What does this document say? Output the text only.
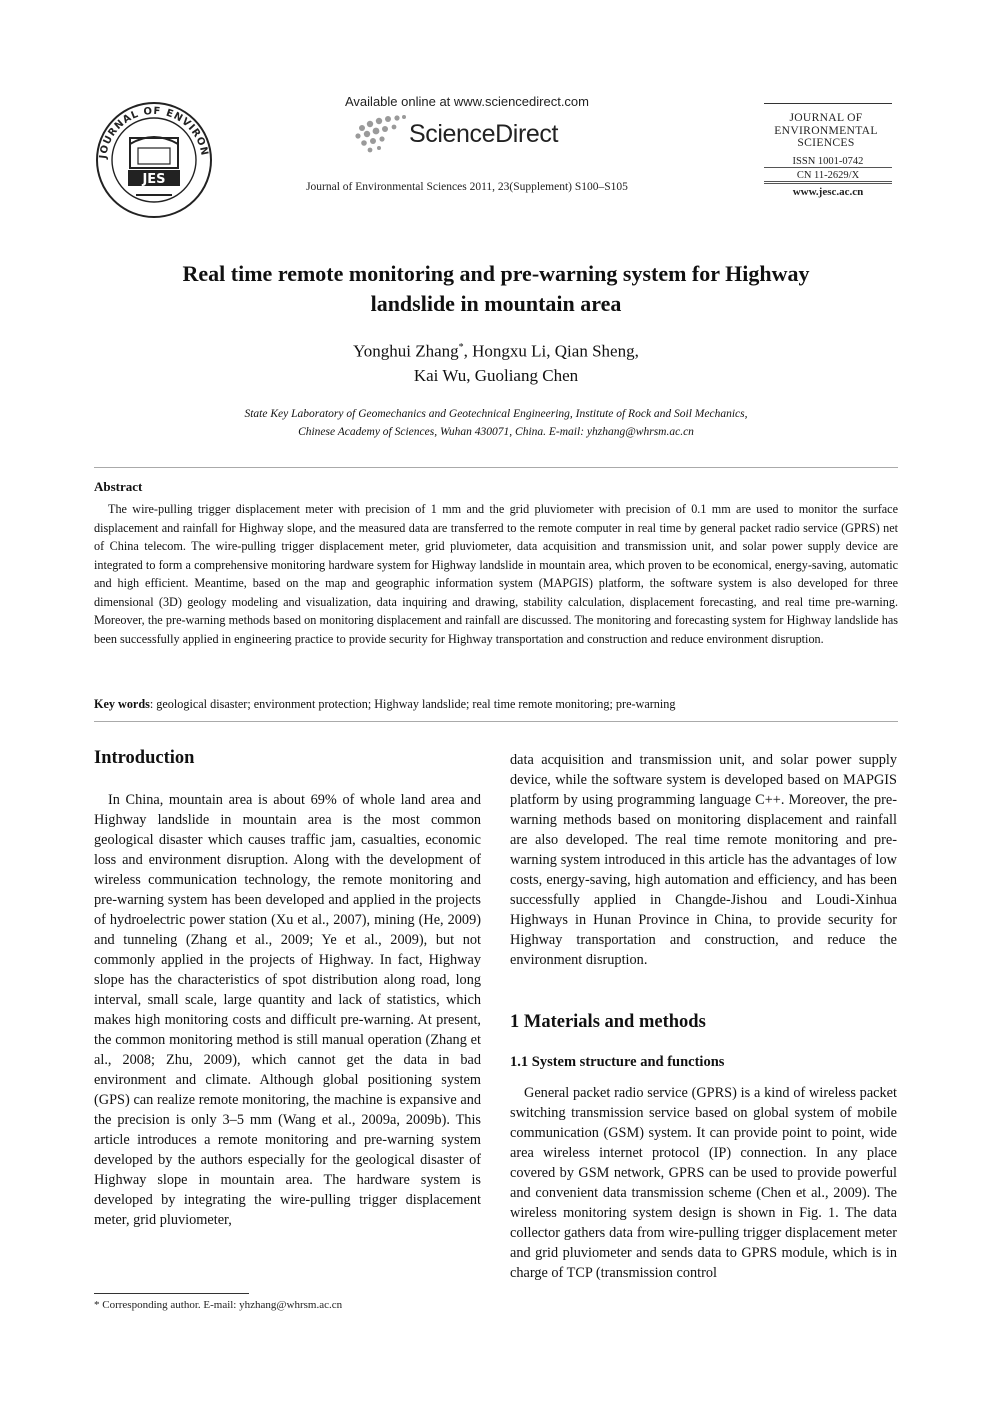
JOURNAL OF ENVIRON
JES
Available online at www.sciencedirect.com
ScienceDirect
Journal of Environmental Sciences 2011, 23(Supplement) S100–S105
JOURNAL OF
ENVIRONMENTAL
SCIENCES
ISSN 1001-0742
CN 11-2629/X
www.jesc.ac.cn
Real time remote monitoring and pre-warning system for Highway
landslide in mountain area
Yonghui Zhang*, Hongxu Li, Qian Sheng,
Kai Wu, Guoliang Chen
State Key Laboratory of Geomechanics and Geotechnical Engineering, Institute of Rock and Soil Mechanics,
Chinese Academy of Sciences, Wuhan 430071, China. E-mail: yhzhang@whrsm.ac.cn
Abstract
The wire-pulling trigger displacement meter with precision of 1 mm and the grid pluviometer with precision of 0.1 mm are used to monitor the surface displacement and rainfall for Highway slope, and the measured data are transferred to the remote computer in real time by general packet radio service (GPRS) net of China telecom. The wire-pulling trigger displacement meter, grid pluviometer, data acquisition and transmission unit, and solar power supply device are integrated to form a comprehensive monitoring hardware system for Highway landslide in mountain area, which proven to be economical, energy-saving, automatic and high efficient. Meantime, based on the map and geographic information system (MAPGIS) platform, the software system is also developed for three dimensional (3D) geology modeling and visualization, data inquiring and drawing, stability calculation, displacement forecasting, and real time pre-warning. Moreover, the pre-warning methods based on monitoring displacement and rainfall are discussed. The monitoring and forecasting system for Highway landslide has been successfully applied in engineering practice to provide security for Highway transportation and construction and reduce environment disruption.
Key words: geological disaster; environment protection; Highway landslide; real time remote monitoring; pre-warning
Introduction

In China, mountain area is about 69% of whole land area and Highway landslide in mountain area is the most common geological disaster which causes traffic jam, casualties, economic loss and environment disruption. Along with the development of wireless communication technology, the remote monitoring and pre-warning system has been developed and applied in the projects of hydroelectric power station (Xu et al., 2007), mining (He, 2009) and tunneling (Zhang et al., 2009; Ye et al., 2009), but not commonly applied in the projects of Highway. In fact, Highway slope has the characteristics of spot distribution along road, long interval, small scale, large quantity and lack of statistics, which makes high monitoring costs and difficult pre-warning. At present, the common monitoring method is still manual operation (Zhang et al., 2008; Zhu, 2009), which cannot get the data in bad environment and climate. Although global positioning system (GPS) can realize remote monitoring, the machine is expansive and the precision is only 3–5 mm (Wang et al., 2009a, 2009b). This article introduces a remote monitoring and pre-warning system developed by the authors especially for the geological disaster of Highway slope in mountain area. The hardware system is developed by integrating the wire-pulling trigger displacement meter, grid pluviometer,

data acquisition and transmission unit, and solar power supply device, while the software system is developed based on MAPGIS platform by using programming language C++. Moreover, the pre-warning methods based on monitoring displacement and rainfall are also developed. The real time remote monitoring and pre-warning system introduced in this article has the advantages of low costs, energy-saving, high automation and efficiency, and has been successfully applied in Changde-Jishou and Loudi-Xinhua Highways in Hunan Province in China, to provide security for Highway transportation and construction, and reduce the environment disruption.

1 Materials and methods
1.1 System structure and functions

General packet radio service (GPRS) is a kind of wireless packet switching transmission service based on global system of mobile communication (GSM) system. It can provide point to point, wide area wireless internet protocol (IP) connection. In any place covered by GSM network, GPRS can be used to provide powerful and convenient data transmission scheme (Chen et al., 2009). The wireless monitoring system design is shown in Fig. 1. The data collector gathers data from wire-pulling trigger displacement meter and grid pluviometer and sends data to GPRS module, which is in charge of TCP (transmission control

* Corresponding author. E-mail: yhzhang@whrsm.ac.cn
